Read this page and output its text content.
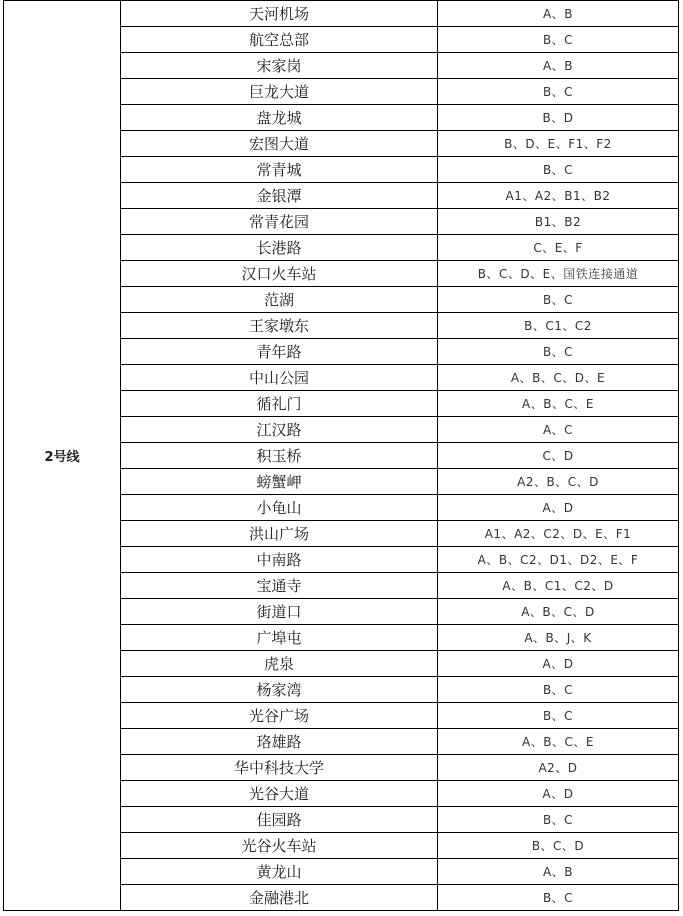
2号线	天河机场	A、B
	航空总部	B、C
	宋家岗	A、B
	巨龙大道	B、C
	盘龙城	B、D
	宏图大道	B、D、E、F1、F2
	常青城	B、C
	金银潭	A1、A2、B1、B2
	常青花园	B1、B2
	长港路	C、E、F
	汉口火车站	B、C、D、E、国铁连接通道
	范湖	B、C
	王家墩东	B、C1、C2
	青年路	B、C
	中山公园	A、B、C、D、E
	循礼门	A、B、C、E
	江汉路	A、C
	积玉桥	C、D
	螃蟹岬	A2、B、C、D
	小龟山	A、D
	洪山广场	A1、A2、C2、D、E、F1
	中南路	A、B、C2、D1、D2、E、F
	宝通寺	A、B、C1、C2、D
	街道口	A、B、C、D
	广埠屯	A、B、J、K
	虎泉	A、D
	杨家湾	B、C
	光谷广场	B、C
	珞雄路	A、B、C、E
	华中科技大学	A2、D
	光谷大道	A、D
	佳园路	B、C
	光谷火车站	B、C、D
	黄龙山	A、B
	金融港北	B、C
